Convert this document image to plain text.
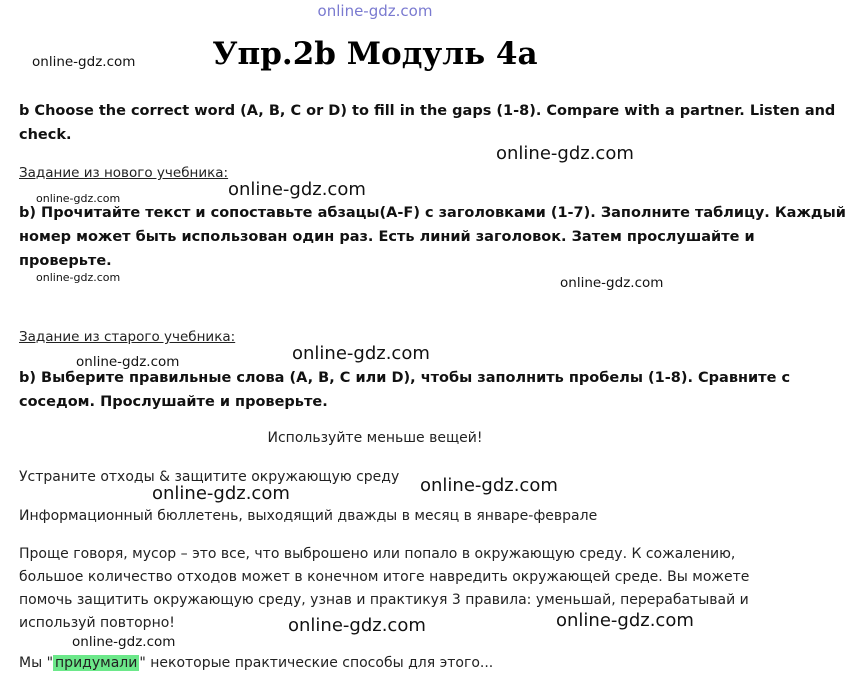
online-gdz.com
online-gdz.com	Упр.2b Модуль 4a
b Choose the correct word (A, B, C or D) to fill in the gaps (1-8). Compare with a partner. Listen and
check.
online-gdz.com
Задание из нового учебника:
online-gdz.com	online-gdz.com
b) Прочитайте текст и сопоставьте абзацы(A-F) с заголовками (1-7). Заполните таблицу. Каждый
номер может быть использован один раз. Есть линий заголовок. Затем прослушайте и
проверьте.
online-gdz.com	online-gdz.com
Задание из старого учебника:
online-gdz.com	online-gdz.com
b) Выберите правильные слова (A, B, C или D), чтобы заполнить пробелы (1-8). Сравните с
соседом. Прослушайте и проверьте.
Используйте меньше вещей!
Устраните отходы & защитите окружающую среду
online-gdz.com	online-gdz.com
Информационный бюллетень, выходящий дважды в месяц в январе-феврале
Проще говоря, мусор – это все, что выброшено или попало в окружающую среду. К сожалению,
большое количество отходов может в конечном итоге навредить окружающей среде. Вы можете
помочь защитить окружающую среду, узнав и практикуя 3 правила: уменьшай, перерабатывай и
используй повторно!	online-gdz.com	online-gdz.com
online-gdz.com
Мы " придумали " некоторые практические способы для этого...
